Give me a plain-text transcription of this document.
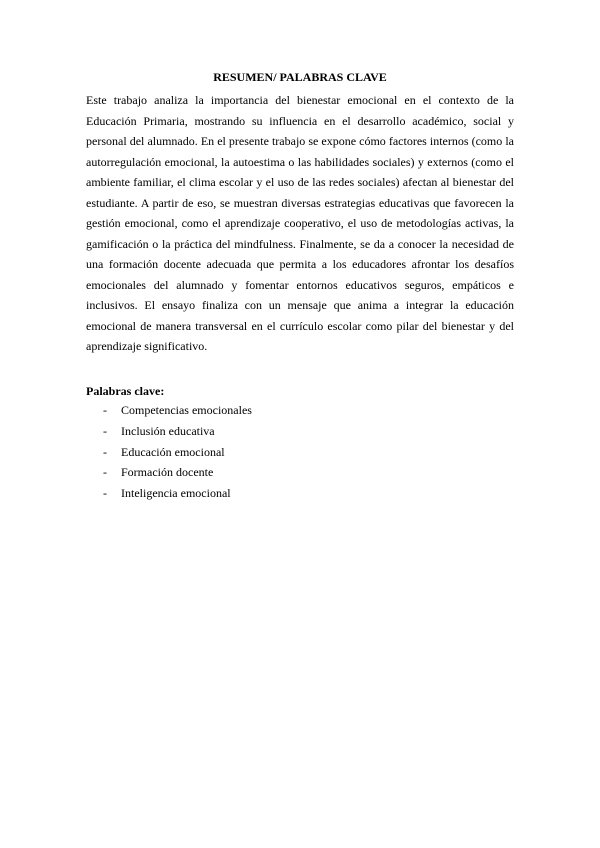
RESUMEN/ PALABRAS CLAVE

Este trabajo analiza la importancia del bienestar emocional en el contexto de la Educación Primaria, mostrando su influencia en el desarrollo académico, social y personal del alumnado. En el presente trabajo se expone cómo factores internos (como la autorregulación emocional, la autoestima o las habilidades sociales) y externos (como el ambiente familiar, el clima escolar y el uso de las redes sociales) afectan al bienestar del estudiante. A partir de eso, se muestran diversas estrategias educativas que favorecen la gestión emocional, como el aprendizaje cooperativo, el uso de metodologías activas, la gamificación o la práctica del mindfulness. Finalmente, se da a conocer la necesidad de una formación docente adecuada que permita a los educadores afrontar los desafíos emocionales del alumnado y fomentar entornos educativos seguros, empáticos e inclusivos. El ensayo finaliza con un mensaje que anima a integrar la educación emocional de manera transversal en el currículo escolar como pilar del bienestar y del aprendizaje significativo.

Palabras clave:

- Competencias emocionales
- Inclusión educativa
- Educación emocional
- Formación docente
- Inteligencia emocional
